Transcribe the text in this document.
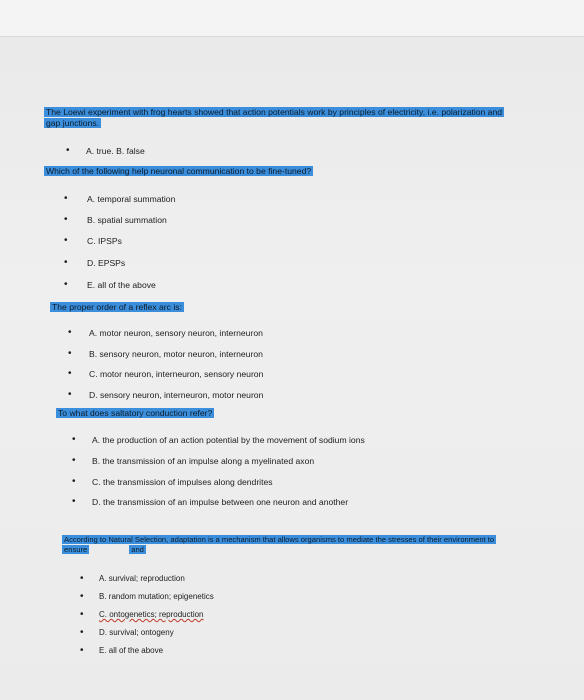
The Loewi experiment with frog hearts showed that action potentials work by principles of electricity, i.e. polarization and gap junctions.
• A. true. B. false
Which of the following help neuronal communication to be fine-tuned?
• A. temporal summation
• B. spatial summation
• C. IPSPs
• D. EPSPs
• E. all of the above
The proper order of a reflex arc is:
• A. motor neuron, sensory neuron, interneuron
• B. sensory neuron, motor neuron, interneuron
• C. motor neuron, interneuron, sensory neuron
• D. sensory neuron, interneuron, motor neuron
To what does saltatory conduction refer?
• A. the production of an action potential by the movement of sodium ions
• B. the transmission of an impulse along a myelinated axon
• C. the transmission of impulses along dendrites
• D. the transmission of an impulse between one neuron and another
According to Natural Selection, adaptation is a mechanism that allows organisms to mediate the stresses of their environment to ensure	and
• A. survival; reproduction
• B. random mutation; epigenetics
• C. ontogenetics; reproduction
• D. survival; ontogeny
• E. all of the above
